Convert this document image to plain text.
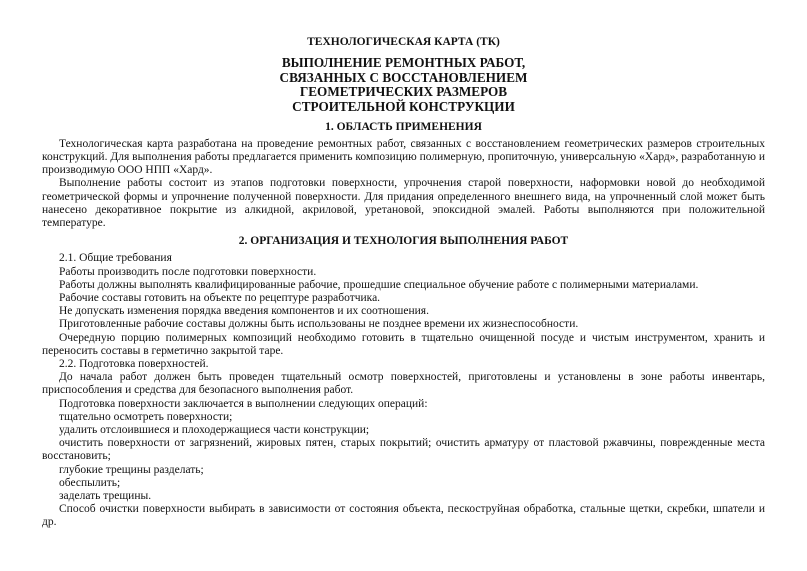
ТЕХНОЛОГИЧЕСКАЯ КАРТА (ТК)
ВЫПОЛНЕНИЕ РЕМОНТНЫХ РАБОТ,
СВЯЗАННЫХ С ВОССТАНОВЛЕНИЕМ
ГЕОМЕТРИЧЕСКИХ РАЗМЕРОВ
СТРОИТЕЛЬНОЙ КОНСТРУКЦИИ
1. ОБЛАСТЬ ПРИМЕНЕНИЯ

Технологическая карта разработана на проведение ремонтных работ, связанных с восстановлением геометрических размеров строительных конструкций. Для выполнения работы предлагается применить композицию полимерную, пропиточную, универсальную «Хард», разработанную и производимую ООО НПП «Хард».

Выполнение работы состоит из этапов подготовки поверхности, упрочнения старой поверхности, наформовки новой до необходимой геометрической формы и упрочнение полученной поверхности. Для придания определенного внешнего вида, на упрочненный слой может быть нанесено декоративное покрытие из алкидной, акриловой, уретановой, эпоксидной эмалей. Работы выполняются при положительной температуре.

2. ОРГАНИЗАЦИЯ И ТЕХНОЛОГИЯ ВЫПОЛНЕНИЯ РАБОТ

2.1. Общие требования

Работы производить после подготовки поверхности.

Работы должны выполнять квалифицированные рабочие, прошедшие специальное обучение работе с полимерными материалами.

Рабочие составы готовить на объекте по рецептуре разработчика.

Не допускать изменения порядка введения компонентов и их соотношения.

Приготовленные рабочие составы должны быть использованы не позднее времени их жизнеспособности.

Очередную порцию полимерных композиций необходимо готовить в тщательно очищенной посуде и чистым инструментом, хранить и переносить составы в герметично закрытой таре.

2.2. Подготовка поверхностей.

До начала работ должен быть проведен тщательный осмотр поверхностей, приготовлены и установлены в зоне работы инвентарь, приспособления и средства для безопасного выполнения работ.

Подготовка поверхности заключается в выполнении следующих операций:

тщательно осмотреть поверхности;

удалить отслоившиеся и плоходержащиеся части конструкции;

очистить поверхности от загрязнений, жировых пятен, старых покрытий; очистить арматуру от пластовой ржавчины, поврежденные места восстановить;

глубокие трещины разделать;

обеспылить;

заделать трещины.

Способ очистки поверхности выбирать в зависимости от состояния объекта, пескоструйная обработка, стальные щетки, скребки, шпатели и др.
